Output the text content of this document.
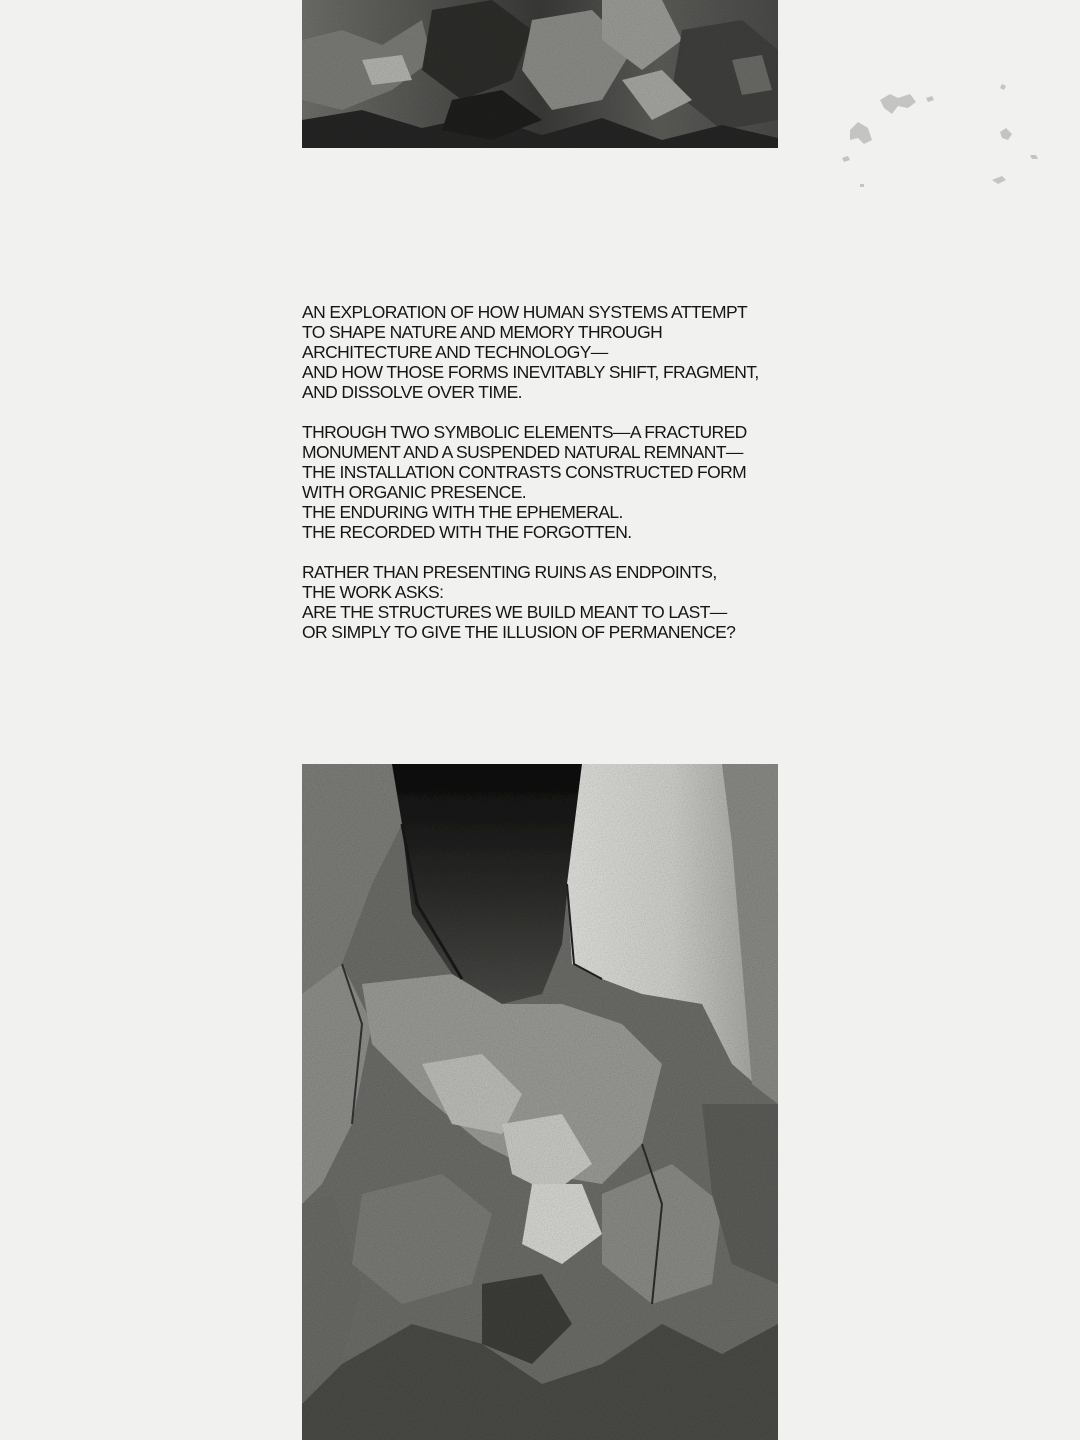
AN EXPLORATION OF HOW HUMAN SYSTEMS ATTEMPT
TO SHAPE NATURE AND MEMORY THROUGH
ARCHITECTURE AND TECHNOLOGY—
AND HOW THOSE FORMS INEVITABLY SHIFT, FRAGMENT,
AND DISSOLVE OVER TIME.

THROUGH TWO SYMBOLIC ELEMENTS—A FRACTURED
MONUMENT AND A SUSPENDED NATURAL REMNANT—
THE INSTALLATION CONTRASTS CONSTRUCTED FORM
WITH ORGANIC PRESENCE.
THE ENDURING WITH THE EPHEMERAL.
THE RECORDED WITH THE FORGOTTEN.

RATHER THAN PRESENTING RUINS AS ENDPOINTS,
THE WORK ASKS:
ARE THE STRUCTURES WE BUILD MEANT TO LAST—
OR SIMPLY TO GIVE THE ILLUSION OF PERMANENCE?
